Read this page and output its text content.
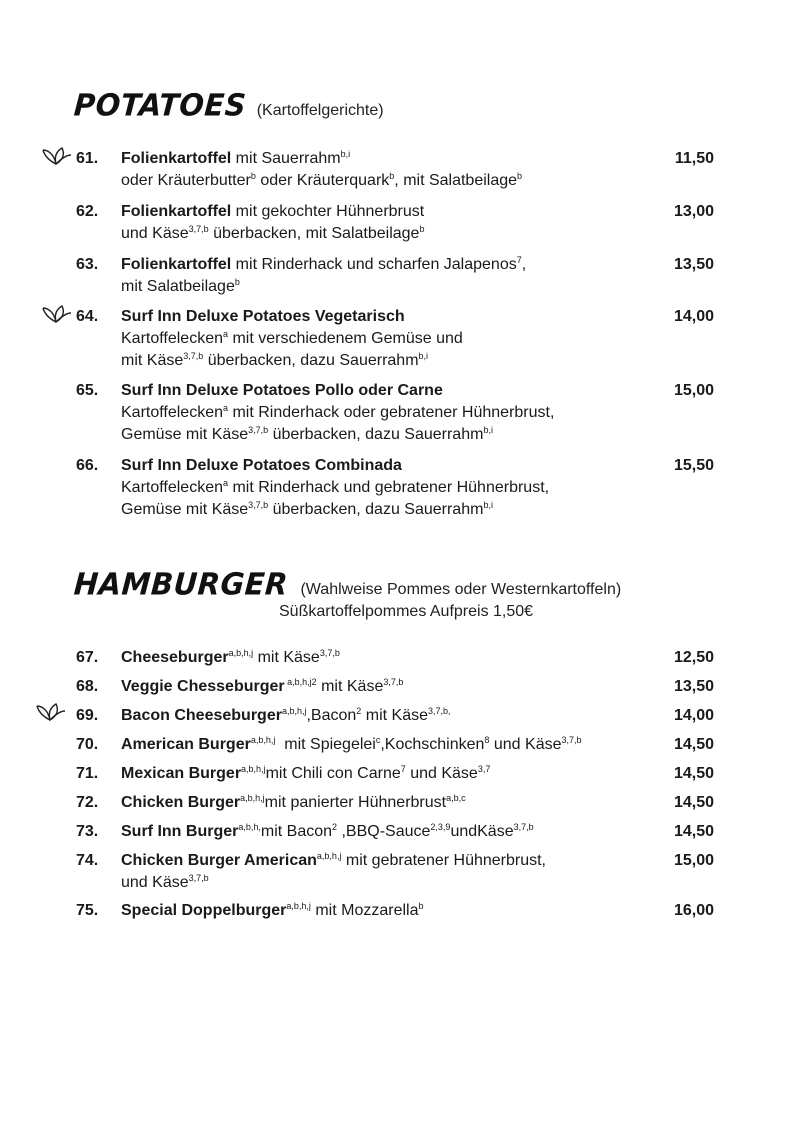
POTATOES (Kartoffelgerichte)
61. Folienkartoffel mit Sauerrahm$^{b,i}$
oder Kräuterbutter$^b$ oder Kräuterquark$^b$, mit Salatbeilage$^b$
11,50
62. Folienkartoffel mit gekochter Hühnerbrust
und Käse$^{3,7,b}$ überbacken, mit Salatbeilage$^b$
13,00
63. Folienkartoffel mit Rinderhack und scharfen Jalapenos$^7$,
mit Salatbeilage$^b$
13,50
64. Surf Inn Deluxe Potatoes Vegetarisch
Kartoffelecken$^a$ mit verschiedenem Gemüse und
mit Käse$^{3,7,b}$ überbacken, dazu Sauerrahm$^{b,i}$
14,00
65. Surf Inn Deluxe Potatoes Pollo oder Carne
Kartoffelecken$^a$ mit Rinderhack oder gebratener Hühnerbrust,
Gemüse mit Käse$^{3,7,b}$ überbacken, dazu Sauerrahm$^{b,i}$
15,00
66. Surf Inn Deluxe Potatoes Combinada
Kartoffelecken$^a$ mit Rinderhack und gebratener Hühnerbrust,
Gemüse mit Käse$^{3,7,b}$ überbacken, dazu Sauerrahm$^{b,i}$
15,50
HAMBURGER (Wahlweise Pommes oder Westernkartoffeln)
Süßkartoffelpommes Aufpreis 1,50€
67. Cheeseburger$^{a,b,h,j}$ mit Käse$^{3,7,b}$	12,50
68. Veggie Chesseburger $^{a,b,h,j2}$ mit Käse$^{3,7,b}$	13,50
69. Bacon Cheeseburger$^{a,b,h,j}$,Bacon$^2$ mit Käse$^{3,7,b,}$	14,00
70. American Burger$^{a,b,h,j}$  mit Spiegelei$^c$,Kochschinken$^8$ und Käse$^{3,7,b}$	14,50
71. Mexican Burger$^{a,b,h,j}$mit Chili con Carne$^7$ und Käse$^{3,7}$	14,50
72. Chicken Burger$^{a,b,h,j}$mit panierter Hühnerbrust$^{a,b,c}$	14,50
73. Surf Inn Burger$^{a,b,h,}$mit Bacon$^2$ ,BBQ-Sauce$^{2,3,9}$undKäse$^{3,7,b}$	14,50
74. Chicken Burger American$^{a,b,h,j}$ mit gebratener Hühnerbrust,
und Käse$^{3,7,b}$
15,00
75. Special Doppelburger$^{a,b,h,j}$ mit Mozzarella$^b$	16,00
